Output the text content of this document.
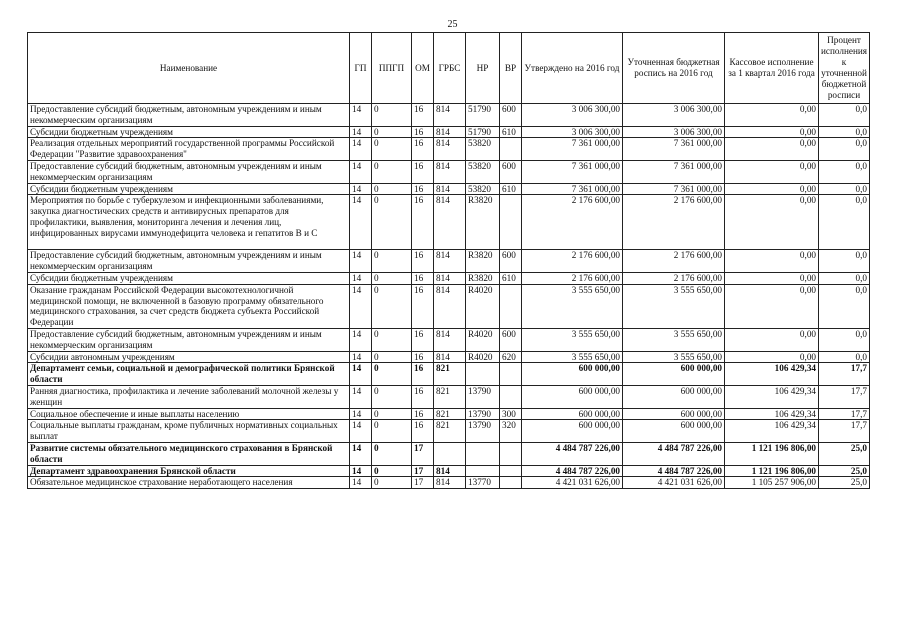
25
Наименование	ГП	ППГП	ОМ	ГРБС	НР	ВР	Утверждено на 2016 год	Уточненная бюджетная роспись на 2016 год	Кассовое исполнение за 1 квартал 2016 года	Процент исполнения к уточненной бюджетной росписи
Предоставление субсидий бюджетным, автономным учреждениям и иным некоммерческим организациям	14	0	16	814	51790	600	3 006 300,00	3 006 300,00	0,00	0,0
Субсидии бюджетным учреждениям	14	0	16	814	51790	610	3 006 300,00	3 006 300,00	0,00	0,0
Реализация отдельных мероприятий государственной программы Российской Федерации "Развитие здравоохранения"	14	0	16	814	53820		7 361 000,00	7 361 000,00	0,00	0,0
Предоставление субсидий бюджетным, автономным учреждениям и иным некоммерческим организациям	14	0	16	814	53820	600	7 361 000,00	7 361 000,00	0,00	0,0
Субсидии бюджетным учреждениям	14	0	16	814	53820	610	7 361 000,00	7 361 000,00	0,00	0,0
Мероприятия по борьбе с туберкулезом и инфекционными заболеваниями, закупка диагностических средств и антивирусных препаратов для профилактики, выявления, мониторинга лечения и лечения лиц, инфицированных вирусами иммунодефицита человека и гепатитов В и С	14	0	16	814	R3820		2 176 600,00	2 176 600,00	0,00	0,0
Предоставление субсидий бюджетным, автономным учреждениям и иным некоммерческим организациям	14	0	16	814	R3820	600	2 176 600,00	2 176 600,00	0,00	0,0
Субсидии бюджетным учреждениям	14	0	16	814	R3820	610	2 176 600,00	2 176 600,00	0,00	0,0
Оказание гражданам Российской Федерации высокотехнологичной медицинской помощи, не включенной в базовую программу обязательного медицинского страхования, за счет средств бюджета субъекта Российской Федерации	14	0	16	814	R4020		3 555 650,00	3 555 650,00	0,00	0,0
Предоставление субсидий бюджетным, автономным учреждениям и иным некоммерческим организациям	14	0	16	814	R4020	600	3 555 650,00	3 555 650,00	0,00	0,0
Субсидии автономным учреждениям	14	0	16	814	R4020	620	3 555 650,00	3 555 650,00	0,00	0,0
Департамент семьи, социальной и демографической политики Брянской области	14	0	16	821			600 000,00	600 000,00	106 429,34	17,7
Ранняя диагностика, профилактика и лечение заболеваний молочной железы у женщин	14	0	16	821	13790		600 000,00	600 000,00	106 429,34	17,7
Социальное обеспечение и иные выплаты населению	14	0	16	821	13790	300	600 000,00	600 000,00	106 429,34	17,7
Социальные выплаты гражданам, кроме публичных нормативных социальных выплат	14	0	16	821	13790	320	600 000,00	600 000,00	106 429,34	17,7
Развитие системы обязательного медицинского страхования в Брянской области	14	0	17				4 484 787 226,00	4 484 787 226,00	1 121 196 806,00	25,0
Департамент здравоохранения Брянской области	14	0	17	814			4 484 787 226,00	4 484 787 226,00	1 121 196 806,00	25,0
Обязательное медицинское страхование неработающего населения	14	0	17	814	13770		4 421 031 626,00	4 421 031 626,00	1 105 257 906,00	25,0
